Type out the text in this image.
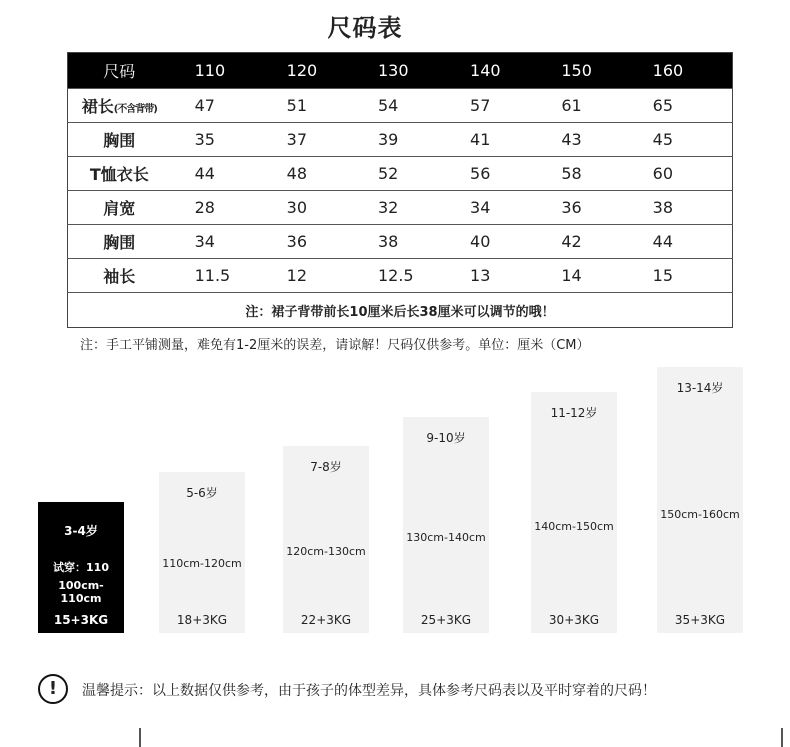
尺码表
尺码	110	120	130	140	150	160
裙长(不含背带)	47	51	54	57	61	65
胸围	35	37	39	41	43	45
T恤衣长	44	48	52	56	58	60
肩宽	28	30	32	34	36	38
胸围	34	36	38	40	42	44
袖长	11.5	12	12.5	13	14	15
注：裙子背带前长10厘米后长38厘米可以调节的哦！						
注：手工平铺测量，难免有1-2厘米的误差，请谅解！尺码仅供参考。单位：厘米（CM）
3-4岁
试穿：110
100cm-110cm
15+3KG
5-6岁
110cm-120cm
18+3KG
7-8岁
120cm-130cm
22+3KG
9-10岁
130cm-140cm
25+3KG
11-12岁
140cm-150cm
30+3KG
13-14岁
150cm-160cm
35+3KG
!	温馨提示：以上数据仅供参考，由于孩子的体型差异，具体参考尺码表以及平时穿着的尺码！
